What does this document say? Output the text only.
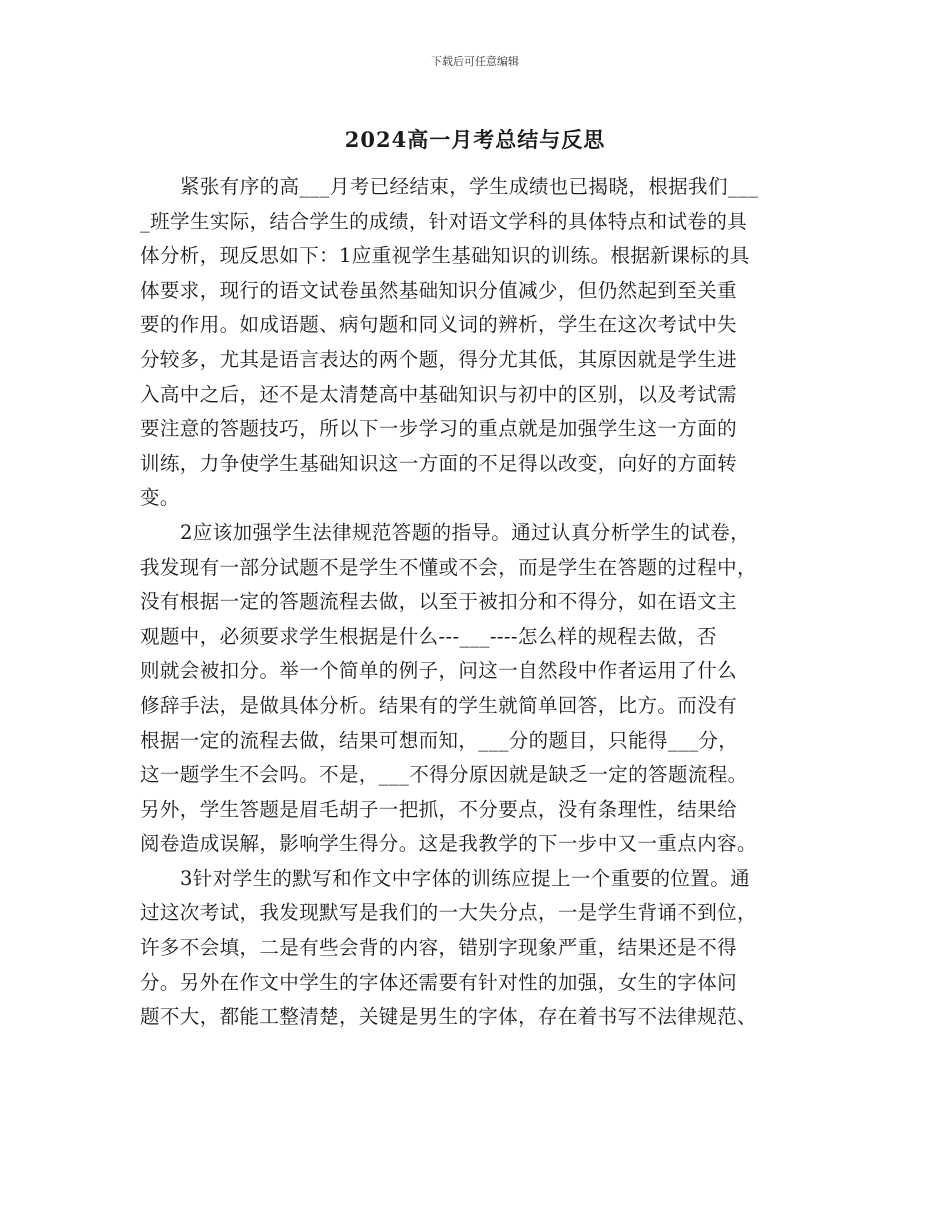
下载后可任意编辑
2024高一月考总结与反思
紧张有序的高___月考已经结束，学生成绩也已揭晓，根据我们___
_班学生实际，结合学生的成绩，针对语文学科的具体特点和试卷的具
体分析，现反思如下：1应重视学生基础知识的训练。根据新课标的具
体要求，现行的语文试卷虽然基础知识分值减少，但仍然起到至关重
要的作用。如成语题、病句题和同义词的辨析，学生在这次考试中失
分较多，尤其是语言表达的两个题，得分尤其低，其原因就是学生进
入高中之后，还不是太清楚高中基础知识与初中的区别，以及考试需
要注意的答题技巧，所以下一步学习的重点就是加强学生这一方面的
训练，力争使学生基础知识这一方面的不足得以改变，向好的方面转
变。
2应该加强学生法律规范答题的指导。通过认真分析学生的试卷，
我发现有一部分试题不是学生不懂或不会，而是学生在答题的过程中，
没有根据一定的答题流程去做，以至于被扣分和不得分，如在语文主
观题中，必须要求学生根据是什么---___----怎么样的规程去做，否
则就会被扣分。举一个简单的例子，问这一自然段中作者运用了什么
修辞手法，是做具体分析。结果有的学生就简单回答，比方。而没有
根据一定的流程去做，结果可想而知，___分的题目，只能得___分，
这一题学生不会吗。不是，___不得分原因就是缺乏一定的答题流程。
另外，学生答题是眉毛胡子一把抓，不分要点，没有条理性，结果给
阅卷造成误解，影响学生得分。这是我教学的下一步中又一重点内容。
3针对学生的默写和作文中字体的训练应提上一个重要的位置。通
过这次考试，我发现默写是我们的一大失分点，一是学生背诵不到位，
许多不会填，二是有些会背的内容，错别字现象严重，结果还是不得
分。另外在作文中学生的字体还需要有针对性的加强，女生的字体问
题不大，都能工整清楚，关键是男生的字体，存在着书写不法律规范、
